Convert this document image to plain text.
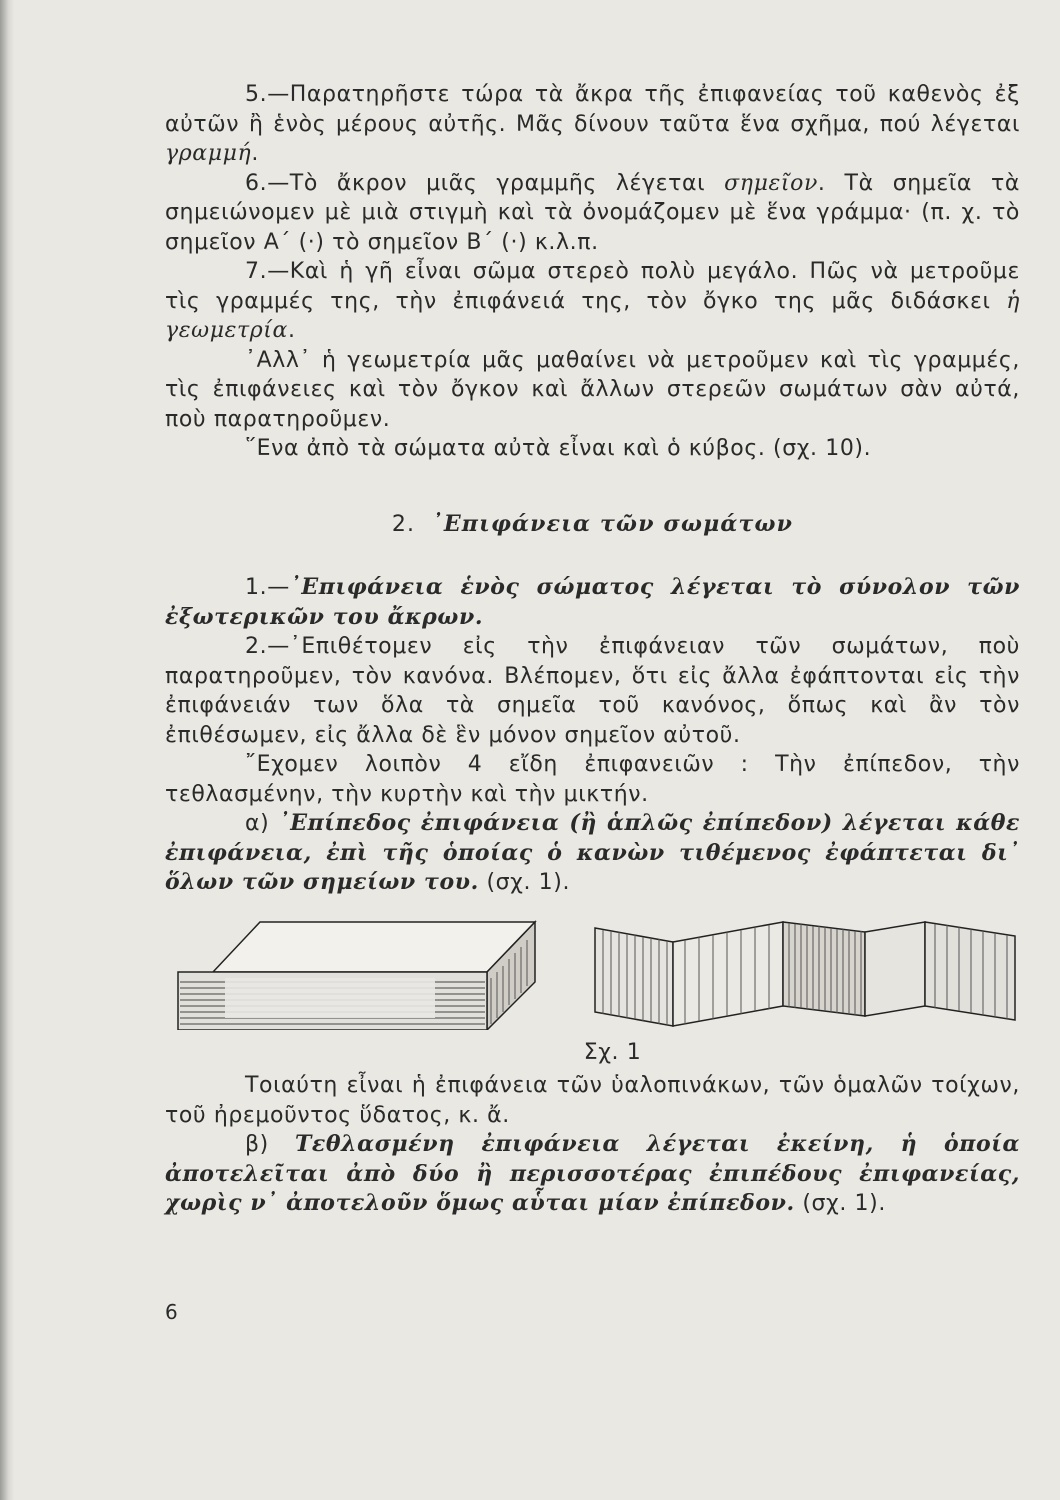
5.—Παρατηρῆστε τώρα τὰ ἄκρα τῆς ἐπιφανείας τοῦ καθενὸς ἐξ αὐτῶν ἢ ἑνὸς μέρους αὐτῆς. Μᾶς δίνουν ταῦτα ἕνα σχῆμα, πού λέγεται γραμμή.

6.—Τὸ ἄκρον μιᾶς γραμμῆς λέγεται σημεῖον. Τὰ σημεῖα τὰ σημειώνομεν μὲ μιὰ στιγμὴ καὶ τὰ ὀνομάζομεν μὲ ἕνα γράμμα· (π. χ. τὸ σημεῖον Α΄ (·) τὸ σημεῖον Β΄ (·) κ.λ.π.

7.—Καὶ ἡ γῆ εἶναι σῶμα στερεὸ πολὺ μεγάλο. Πῶς νὰ μετροῦμε τὶς γραμμές της, τὴν ἐπιφάνειά της, τὸν ὄγκο της μᾶς διδάσκει ἡ γεωμετρία.

᾿Αλλ᾿ ἡ γεωμετρία μᾶς μαθαίνει νὰ μετροῦμεν καὶ τὶς γραμμές, τὶς ἐπιφάνειες καὶ τὸν ὄγκον καὶ ἄλλων στερεῶν σωμάτων σὰν αὐτά, ποὺ παρατηροῦμεν.

῞Ενα ἀπὸ τὰ σώματα αὐτὰ εἶναι καὶ ὁ κύβος. (σχ. 10).

2. ᾿Επιφάνεια τῶν σωμάτων

1.—᾿Επιφάνεια ἑνὸς σώματος λέγεται τὸ σύνολον τῶν ἐξωτερικῶν του ἄκρων.

2.—᾿Επιθέτομεν εἰς τὴν ἐπιφάνειαν τῶν σωμάτων, ποὺ παρατηροῦμεν, τὸν κανόνα. Βλέπομεν, ὅτι εἰς ἄλλα ἐφάπτονται εἰς τὴν ἐπιφάνειάν των ὅλα τὰ σημεῖα τοῦ κανόνος, ὅπως καὶ ἂν τὸν ἐπιθέσωμεν, εἰς ἄλλα δὲ ἓν μόνον σημεῖον αὐτοῦ.

῎Εχομεν λοιπὸν 4 εἴδη ἐπιφανειῶν : Τὴν ἐπίπεδον, τὴν τεθλασμένην, τὴν κυρτὴν καὶ τὴν μικτήν.

α) ᾿Επίπεδος ἐπιφάνεια (ἢ ἁπλῶς ἐπίπεδον) λέγεται κάθε ἐπιφάνεια, ἐπὶ τῆς ὁποίας ὁ κανὼν τιθέμενος ἐφάπτεται δι᾿ ὅλων τῶν σημείων του. (σχ. 1).

Σχ. 1

Τοιαύτη εἶναι ἡ ἐπιφάνεια τῶν ὑαλοπινάκων, τῶν ὁμαλῶν τοίχων, τοῦ ἠρεμοῦντος ὕδατος, κ. ἄ.

β) Τεθλασμένη ἐπιφάνεια λέγεται ἐκείνη, ἡ ὁποία ἀποτελεῖται ἀπὸ δύο ἢ περισσοτέρας ἐπιπέδους ἐπιφανείας, χωρὶς ν᾿ ἀποτελοῦν ὅμως αὗται μίαν ἐπίπεδον. (σχ. 1).

6
